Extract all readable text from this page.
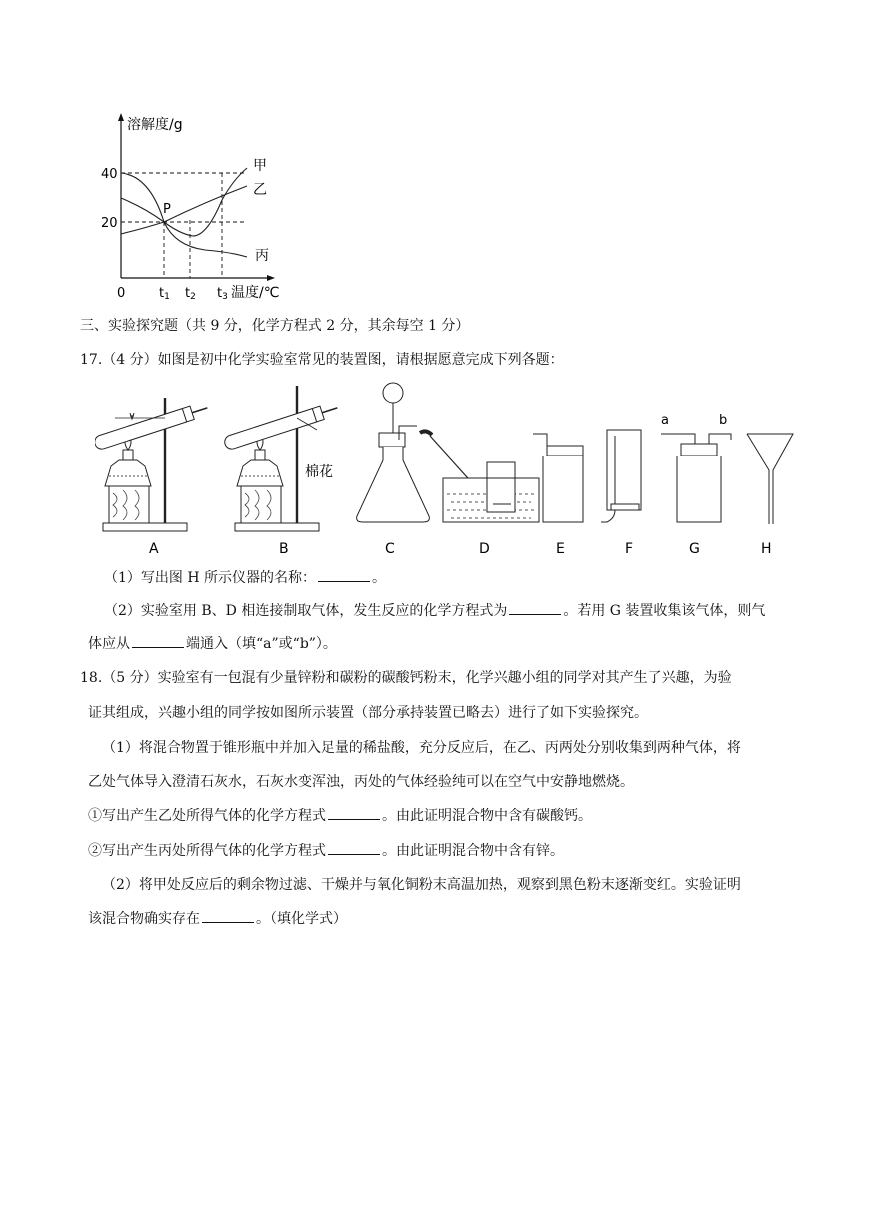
溶解度/g
40
20
0	t1 t2 t3 温度/℃
P
甲
乙
丙
三、实验探究题（共 9 分，化学方程式 2 分，其余每空 1 分）
17.（4 分）如图是初中化学实验室常见的装置图，请根据愿意完成下列各题：
棉花
a	b
A	B	C	D	E	F	G	H
（1）写出图 H 所示仪器的名称：	。
（2）实验室用 B、D 相连接制取气体，发生反应的化学方程式为	。若用 G 装置收集该气体，则气
体应从	端通入（填“a”或“b”）。
18.（5 分）实验室有一包混有少量锌粉和碳粉的碳酸钙粉末，化学兴趣小组的同学对其产生了兴趣，为验
证其组成，兴趣小组的同学按如图所示装置（部分承持装置已略去）进行了如下实验探究。
（1）将混合物置于锥形瓶中并加入足量的稀盐酸，充分反应后，在乙、丙两处分别收集到两种气体，将
乙处气体导入澄清石灰水，石灰水变浑浊，丙处的气体经验纯可以在空气中安静地燃烧。
①写出产生乙处所得气体的化学方程式	。由此证明混合物中含有碳酸钙。
②写出产生丙处所得气体的化学方程式	。由此证明混合物中含有锌。
（2）将甲处反应后的剩余物过滤、干燥并与氧化铜粉末高温加热，观察到黑色粉末逐渐变红。实验证明
该混合物确实存在	。（填化学式）
